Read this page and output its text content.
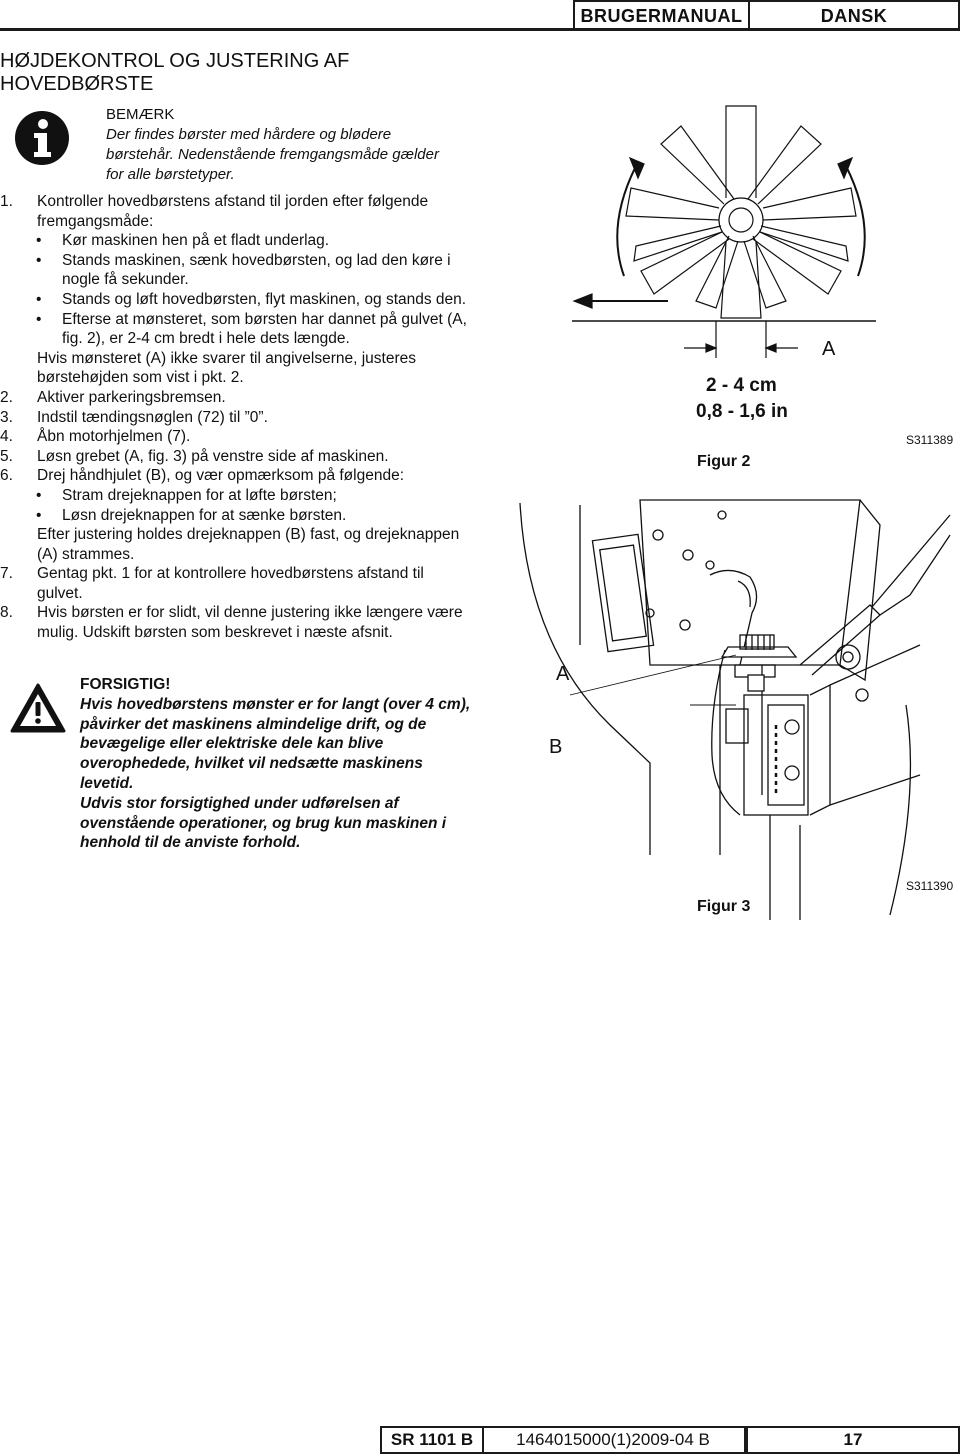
BRUGERMANUAL	DANSK
HØJDEKONTROL OG JUSTERING AF
HOVEDBØRSTE
BEMÆRK
Der findes børster med hårdere og blødere børstehår. Nedenstående fremgangsmåde gælder for alle børstetyper.
1. Kontroller hovedbørstens afstand til jorden efter følgende fremgangsmåde:
• Kør maskinen hen på et fladt underlag.
• Stands maskinen, sænk hovedbørsten, og lad den køre i nogle få sekunder.
• Stands og løft hovedbørsten, flyt maskinen, og stands den.
• Efterse at mønsteret, som børsten har dannet på gulvet (A, fig. 2), er 2-4 cm bredt i hele dets længde.
Hvis mønsteret (A) ikke svarer til angivelserne, justeres børstehøjden som vist i pkt. 2.
2. Aktiver parkeringsbremsen.
3. Indstil tændingsnøglen (72) til ”0”.
4. Åbn motorhjelmen (7).
5. Løsn grebet (A, fig. 3) på venstre side af maskinen.
6. Drej håndhjulet (B), og vær opmærksom på følgende:
• Stram drejeknappen for at løfte børsten;
• Løsn drejeknappen for at sænke børsten.
Efter justering holdes drejeknappen (B) fast, og drejeknappen (A) strammes.
7. Gentag pkt. 1 for at kontrollere hovedbørstens afstand til gulvet.
8. Hvis børsten er for slidt, vil denne justering ikke længere være mulig. Udskift børsten som beskrevet i næste afsnit.
FORSIGTIG!
Hvis hovedbørstens mønster er for langt (over 4 cm), påvirker det maskinens almindelige drift, og de bevægelige eller elektriske dele kan blive overophedede, hvilket vil nedsætte maskinens levetid.
Udvis stor forsigtighed under udførelsen af ovenstående operationer, og brug kun maskinen i henhold til de anviste forhold.
A
2 - 4 cm
0,8 - 1,6 in
Figur 2
S311389
A
B
Figur 3
S311390
SR 1101 B	1464015000(1)2009-04 B	17
